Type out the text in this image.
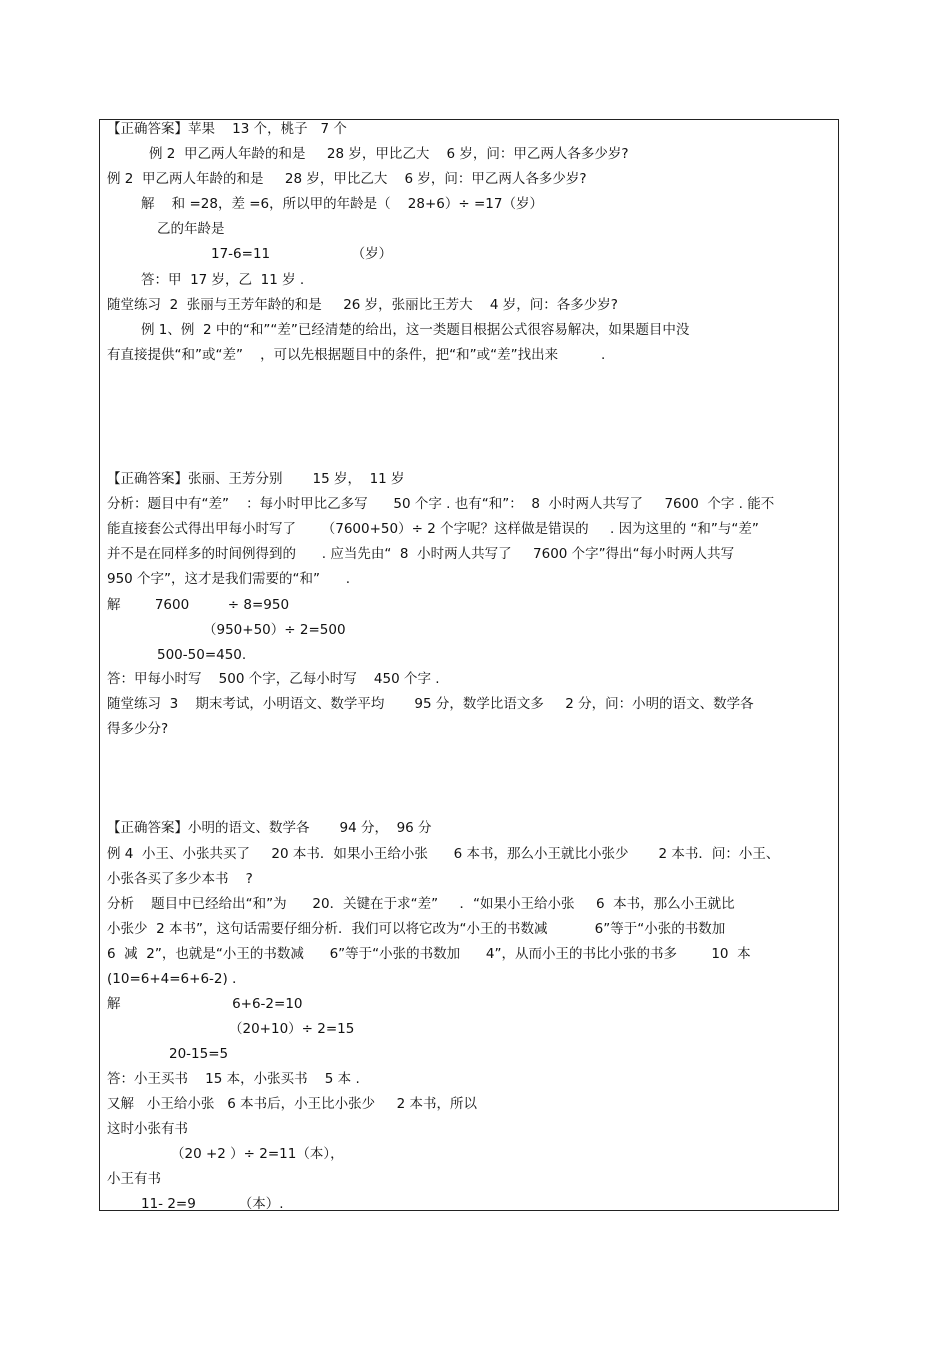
【正确答案】苹果    13 个，桃子   7 个
例 2  甲乙两人年龄的和是     28 岁，甲比乙大    6 岁，问：甲乙两人各多少岁?
例 2  甲乙两人年龄的和是     28 岁，甲比乙大    6 岁，问：甲乙两人各多少岁?
解    和 =28，差 =6，所以甲的年龄是（    28+6）÷ =17（岁）
乙的年龄是
17-6=11                   （岁）
答：甲  17 岁，乙  11 岁 .
随堂练习  2  张丽与王芳年龄的和是     26 岁，张丽比王芳大    4 岁，问：各多少岁?
例 1、例  2 中的“和”“差”已经清楚的给出，这一类题目根据公式很容易解决，如果题目中没
有直接提供“和”或“差”    ，可以先根据题目中的条件，把“和”或“差”找出来          .
【正确答案】张丽、王芳分别       15 岁，  11 岁
分析：题目中有“差”    ：每小时甲比乙多写      50 个字 . 也有“和”：  8  小时两人共写了     7600  个字 . 能不
能直接套公式得出甲每小时写了      （7600+50）÷ 2 个字呢？这样做是错误的     . 因为这里的 “和”与“差”
并不是在同样多的时间例得到的      . 应当先由“  8  小时两人共写了     7600 个字”得出“每小时两人共写
950 个字”，这才是我们需要的“和”      .
解        7600         ÷ 8=950
（950+50）÷ 2=500
500-50=450.
答：甲每小时写    500 个字，乙每小时写    450 个字 .
随堂练习  3    期末考试，小明语文、数学平均       95 分，数学比语文多     2 分，问：小明的语文、数学各
得多少分?
【正确答案】小明的语文、数学各       94 分，  96 分
例 4  小王、小张共买了     20 本书．如果小王给小张      6 本书，那么小王就比小张少       2 本书．问：小王、
小张各买了多少本书    ?
分析    题目中已经给出“和”为      20．关键在于求“差”     ．“如果小王给小张     6  本书，那么小王就比
小张少  2 本书”，这句话需要仔细分析．我们可以将它改为“小王的书数减           6”等于“小张的书数加
6  减  2”，也就是“小王的书数减      6”等于“小张的书数加      4”，从而小王的书比小张的书多        10  本
(10=6+4=6+6-2) ．
解                          6+6-2=10
（20+10）÷ 2=15
20-15=5
答：小王买书    15 本，小张买书    5 本 .
又解   小王给小张   6 本书后，小王比小张少     2 本书，所以
这时小张有书
（20 +2 ）÷ 2=11（本），
小王有书
11- 2=9          （本）.
